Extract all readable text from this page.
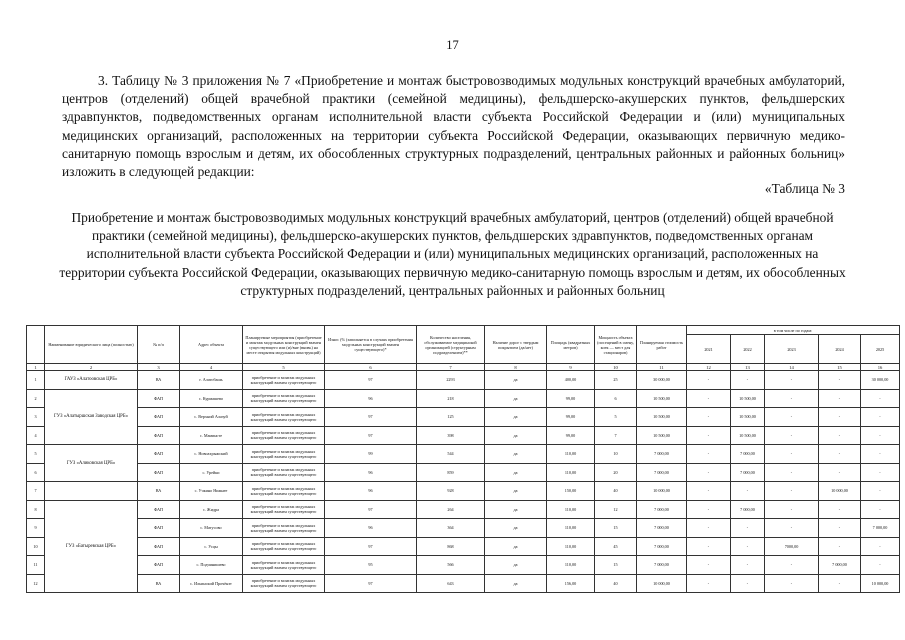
17

3. Таблицу № 3 приложения № 7 «Приобретение и монтаж быстровозводимых модульных конструкций врачебных амбулаторий, центров (отделений) общей врачебной практики (семейной медицины), фельдшерско-акушерских пунктов, фельдшерских здравпунктов, подведомственных органам исполнительной власти субъекта Российской Федерации и (или) муниципальных медицинских организаций, расположенных на территории субъекта Российской Федерации, оказывающих первичную медико-санитарную помощь взрослым и детям, их обособленных структурных подразделений, центральных районных и районных больниц» изложить в следующей редакции:

«Таблица № 3

Приобретение и монтаж быстровозводимых модульных конструкций врачебных амбулаторий, центров (отделений) общей врачебной практики (семейной медицины), фельдшерско-акушерских пунктов, фельдшерских здравпунктов, подведомственных органам исполнительной власти субъекта Российской Федерации и (или) муниципальных медицинских организаций, расположенных на территории субъекта Российской Федерации, оказывающих первичную медико-санитарную помощь взрослым и детям, их обособленных структурных подразделений, центральных районных и районных больниц

	Наименование юридического лица (полностью)	№ п/п	Адрес объекта	Планируемые мероприятия (приобретение и монтаж модульных конструкций взамен существующего или (и)/вне (вновь) на месте открытия модульных конструкций)	Износ (% (заполняется в случаях приобретения модульных конструкций взамен существующего)*	Количество населения, обслуживаемое медицинской организацией (структурным подразделением)**	Наличие дорог с твердым покрытием (да/нет)	Площадь (квадратных метров)	Мощность объекта (посещений в смену, коек — мест для стационаров)	Планируемая стоимость работ	в том числе по годам:				
											2021	2022	2023	2024	2025
1	2	3	4	5	6	7	8	9	10	11	12	13	14	15	16
1	ГАУЗ «Алатоовская ЦРБ»	ВА	г. Алатобашь	приобретение и монтаж модульных конструкций взамен существующего	97	2293	да	400,00	25	30 000,00	-	-	-	-	30 000,00
2	ГУЗ «Алатыршская Заводская ЦРБ»	ФАП	с. Курмашево	приобретение и монтаж модульных конструкций взамен существующего	96	218	да	99,00	6	10 500,00	-	10 500,00	-	-	-
3		ФАП	с. Верхний Алазуй	приобретение и монтаж модульных конструкций взамен существующего	97	125	да	99,00	5	10 500,00	-	10 500,00	-	-	-
4		ФАП	с. Маминсте	приобретение и монтаж модульных конструкций взамен существующего	97	398	да	99,00	7	10 500,00	-	10 500,00	-	-	-
5	ГУЗ «Аликовская ЦРБ»	ФАП	с. Новоахрыжский	приобретение и монтаж модульных конструкций взамен существующего	99	544	да	110,00	10	7 000,00	-	7 000,00	-	-	-
6		ФАП	с. Урейки	приобретение и монтаж модульных конструкций взамен существующего	96	859	да	110,00	20	7 000,00	-	7 000,00	-	-	-
7		ВА	с. Учкино Нижнее	приобретение и монтаж модульных конструкций взамен существующего	96	928	да	150,00	40	10 000,00	-	-	-	10 000,00	-
8	ГУЗ «Батыревская ЦРБ»	ФАП	с. Жидра	приобретение и монтаж модульных конструкций взамен существующего	97	264	да	110,00	12	7 000,00	-	7 000,00	-	-	-
9		ФАП	с. Матусово	приобретение и монтаж модульных конструкций взамен существующего	96	364	да	110,00	15	7 000,00	-	-	-	-	7 000,00
10		ФАП	с. Усцы	приобретение и монтаж модульных конструкций взамен существующего	97	868	да	110,00	45	7 000,00	-	-	7000,00	-	-
11		ФАП	с. Подчинишево	приобретение и монтаж модульных конструкций взамен существующего	95	566	да	110,00	15	7 000,00	-	-	-	7 000,00	-
12		ВА	с. Ильинский Прочёнзт	приобретение и монтаж модульных конструкций взамен существующего	97	643	да	156,00	40	10 000,00	-	-	-	-	10 000,00
